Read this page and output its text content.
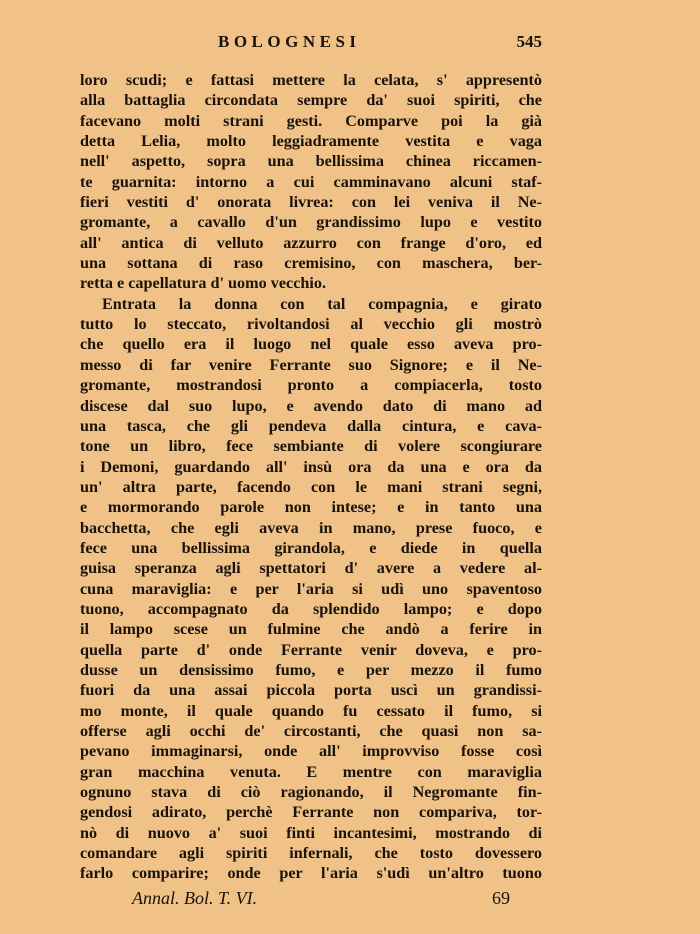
BOLOGNESI	545
loro scudi; e fattasi mettere la celata, s' appresentò
alla battaglia circondata sempre da' suoi spiriti, che
facevano molti strani gesti. Comparve poi la già
detta Lelia, molto leggiadramente vestita e vaga
nell' aspetto, sopra una bellissima chinea riccamen-
te guarnita: intorno a cui camminavano alcuni staf-
fieri vestiti d' onorata livrea: con lei veniva il Ne-
gromante, a cavallo d'un grandissimo lupo e vestito
all' antica di velluto azzurro con frange d'oro, ed
una sottana di raso cremisino, con maschera, ber-
retta e capellatura d' uomo vecchio.
Entrata la donna con tal compagnia, e girato
tutto lo steccato, rivoltandosi al vecchio gli mostrò
che quello era il luogo nel quale esso aveva pro-
messo di far venire Ferrante suo Signore; e il Ne-
gromante, mostrandosi pronto a compiacerla, tosto
discese dal suo lupo, e avendo dato di mano ad
una tasca, che gli pendeva dalla cintura, e cava-
tone un libro, fece sembiante di volere scongiurare
i Demoni, guardando all' insù ora da una e ora da
un' altra parte, facendo con le mani strani segni,
e mormorando parole non intese; e in tanto una
bacchetta, che egli aveva in mano, prese fuoco, e
fece una bellissima girandola, e diede in quella
guisa speranza agli spettatori d' avere a vedere al-
cuna maraviglia: e per l'aria si udì uno spaventoso
tuono, accompagnato da splendido lampo; e dopo
il lampo scese un fulmine che andò a ferire in
quella parte d' onde Ferrante venir doveva, e pro-
dusse un densissimo fumo, e per mezzo il fumo
fuori da una assai piccola porta uscì un grandissi-
mo monte, il quale quando fu cessato il fumo, si
offerse agli occhi de' circostanti, che quasi non sa-
pevano immaginarsi, onde all' improvviso fosse così
gran macchina venuta. E mentre con maraviglia
ognuno stava di ciò ragionando, il Negromante fin-
gendosi adirato, perchè Ferrante non compariva, tor-
nò di nuovo a' suoi finti incantesimi, mostrando di
comandare agli spiriti infernali, che tosto dovessero
farlo comparire; onde per l'aria s'udì un'altro tuono
Annal. Bol. T. VI.	69
